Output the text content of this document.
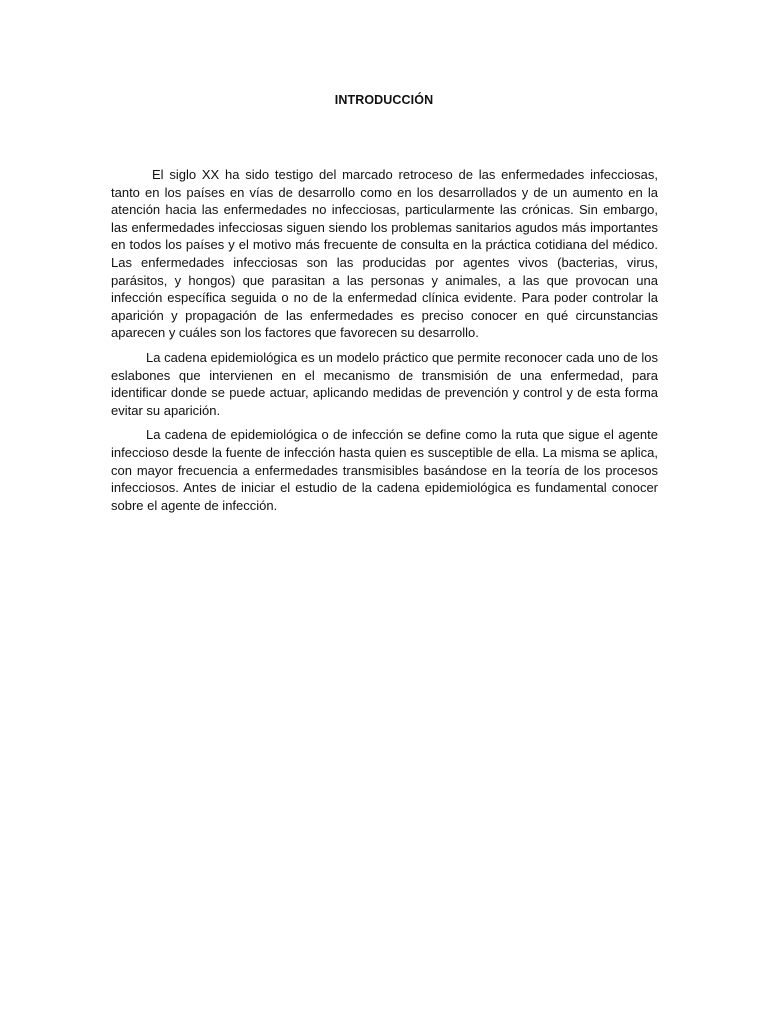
INTRODUCCIÓN

El siglo XX ha sido testigo del marcado retroceso de las enfermedades infecciosas, tanto en los países en vías de desarrollo como en los desarrollados y de un aumento en la atención hacia las enfermedades no infecciosas, particularmente las crónicas. Sin embargo, las enfermedades infecciosas siguen siendo los problemas sanitarios agudos más importantes en todos los países y el motivo más frecuente de consulta en la práctica cotidiana del médico. Las enfermedades infecciosas son las producidas por agentes vivos (bacterias, virus, parásitos, y hongos) que parasitan a las personas y animales, a las que provocan una infección específica seguida o no de la enfermedad clínica evidente. Para poder controlar la aparición y propagación de las enfermedades es preciso conocer en qué circunstancias aparecen y cuáles son los factores que favorecen su desarrollo.

La cadena epidemiológica es un modelo práctico que permite reconocer cada uno de los eslabones que intervienen en el mecanismo de transmisión de una enfermedad, para identificar donde se puede actuar, aplicando medidas de prevención y control y de esta forma evitar su aparición.

La cadena de epidemiológica o de infección se define como la ruta que sigue el agente infeccioso desde la fuente de infección hasta quien es susceptible de ella. La misma se aplica, con mayor frecuencia a enfermedades transmisibles basándose en la teoría de los procesos infecciosos. Antes de iniciar el estudio de la cadena epidemiológica es fundamental conocer sobre el agente de infección.
